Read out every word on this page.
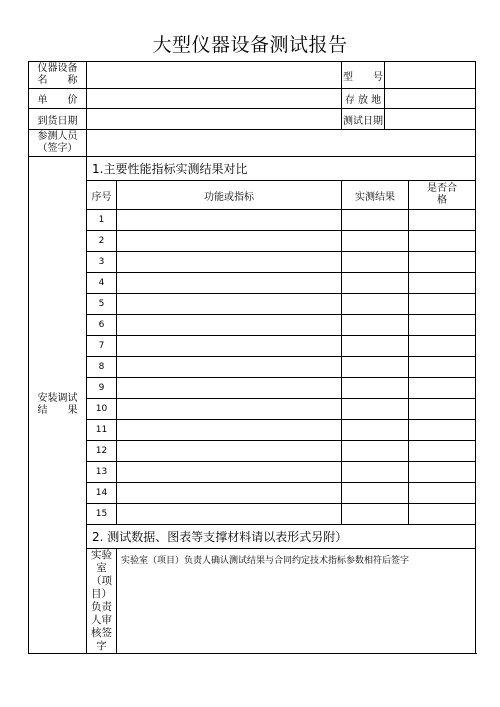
大型仪器设备测试报告
仪器设备
名　　称			型　　号		
单　　价			存 放 地		
到货日期			测试日期		

参测人员
（签字）					

安装调试
结　　果	1.主要性能指标实测结果对比				
	序号	功能或指标	实测结果		是否合
格

	1				
	2				
	3				
	4				
	5				
	6				
	7				
	8				
	9				
	10				
	11				
	12				
	13				
	14				
	15				
	2. 测试数据、图表等支撑材料请以表形式另附）				

	实验室
（项目）
负责人审
核签字	实验室（项目）负责人确认测试结果与合同约定技术指标参数相符后签字			
